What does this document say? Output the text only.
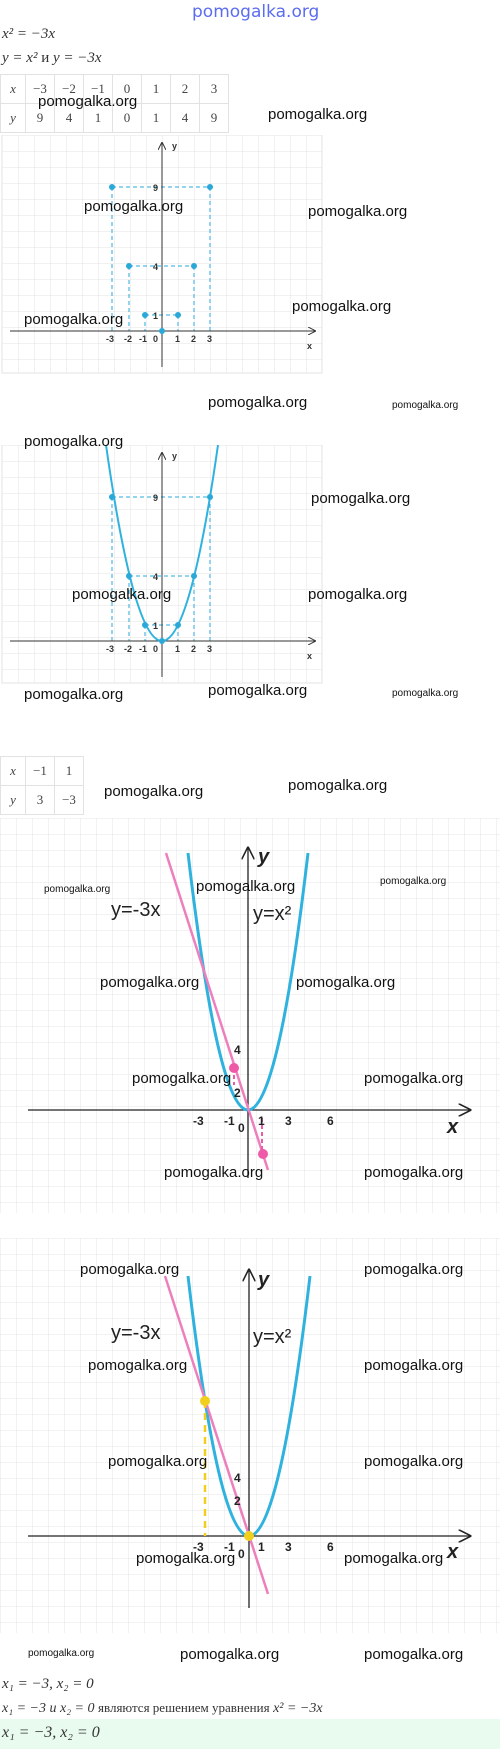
pomogalka.org
x² = −3x
y = x² и y = −3x
x	−3	−2	−1	0	1	2	3
y	9	4	1	0	1	4	9
y
x
-3 -2 -1 0 1 2 3
1
4
9
y
x
-3 -2 -1 0 1 2 3
1
4
9
x	−1	1
y	3	−3
y
x
y=-3x	y=x²
-3 -1 0 1 3	6
2
4
y
x
y=-3x	y=x²
-3 -1 0 1 3	6
2
4
pomogalka.org
pomogalka.org
pomogalka.org	pomogalka.org
pomogalka.org
pomogalka.org
pomogalka.org	pomogalka.org
pomogalka.org
pomogalka.org
pomogalka.org	pomogalka.org
pomogalka.org
pomogalka.org	pomogalka.org
pomogalka.org
pomogalka.org
pomogalka.org	pomogalka.org	pomogalka.org
pomogalka.org	pomogalka.org
pomogalka.org	pomogalka.org
pomogalka.org	pomogalka.org
pomogalka.org	pomogalka.org
pomogalka.org	pomogalka.org
pomogalka.org	pomogalka.org
pomogalka.org	pomogalka.org
pomogalka.org	pomogalka.org	pomogalka.org
x₁ = −3, x₂ = 0
x₁ = −3 и x₂ = 0 являются решением уравнения x² = −3x
x₁ = −3, x₂ = 0
